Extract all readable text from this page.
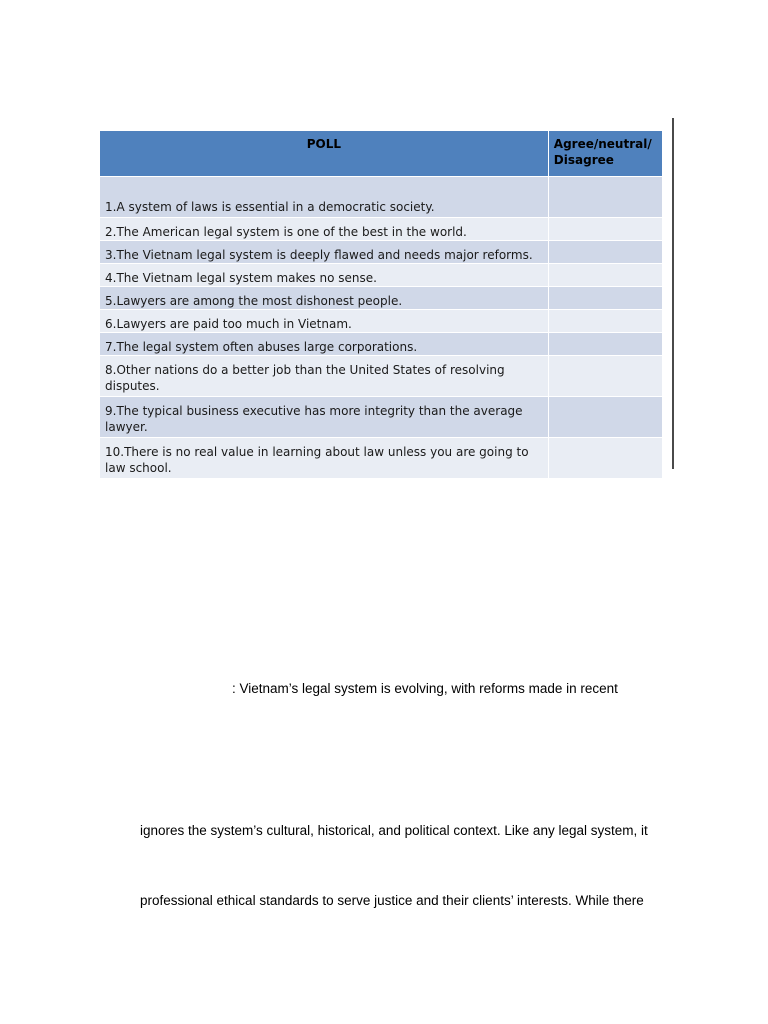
POLL	Agree/neutral/
Disagree
1.A system of laws is essential in a democratic society.	
2.The American legal system is one of the best in the world.	
3.The Vietnam legal system is deeply flawed and needs major reforms.	
4.The Vietnam legal system makes no sense.	
5.Lawyers are among the most dishonest people.	
6.Lawyers are paid too much in Vietnam.	
7.The legal system often abuses large corporations.	
8.Other nations do a better job than the United States of resolving disputes.	
9.The typical business executive has more integrity than the average lawyer.	
10.There is no real value in learning about law unless you are going to law school.	
: Vietnam’s legal system is evolving, with reforms made in recent
ignores the system’s cultural, historical, and political context. Like any legal system, it
professional ethical standards to serve justice and their clients’ interests. While there
